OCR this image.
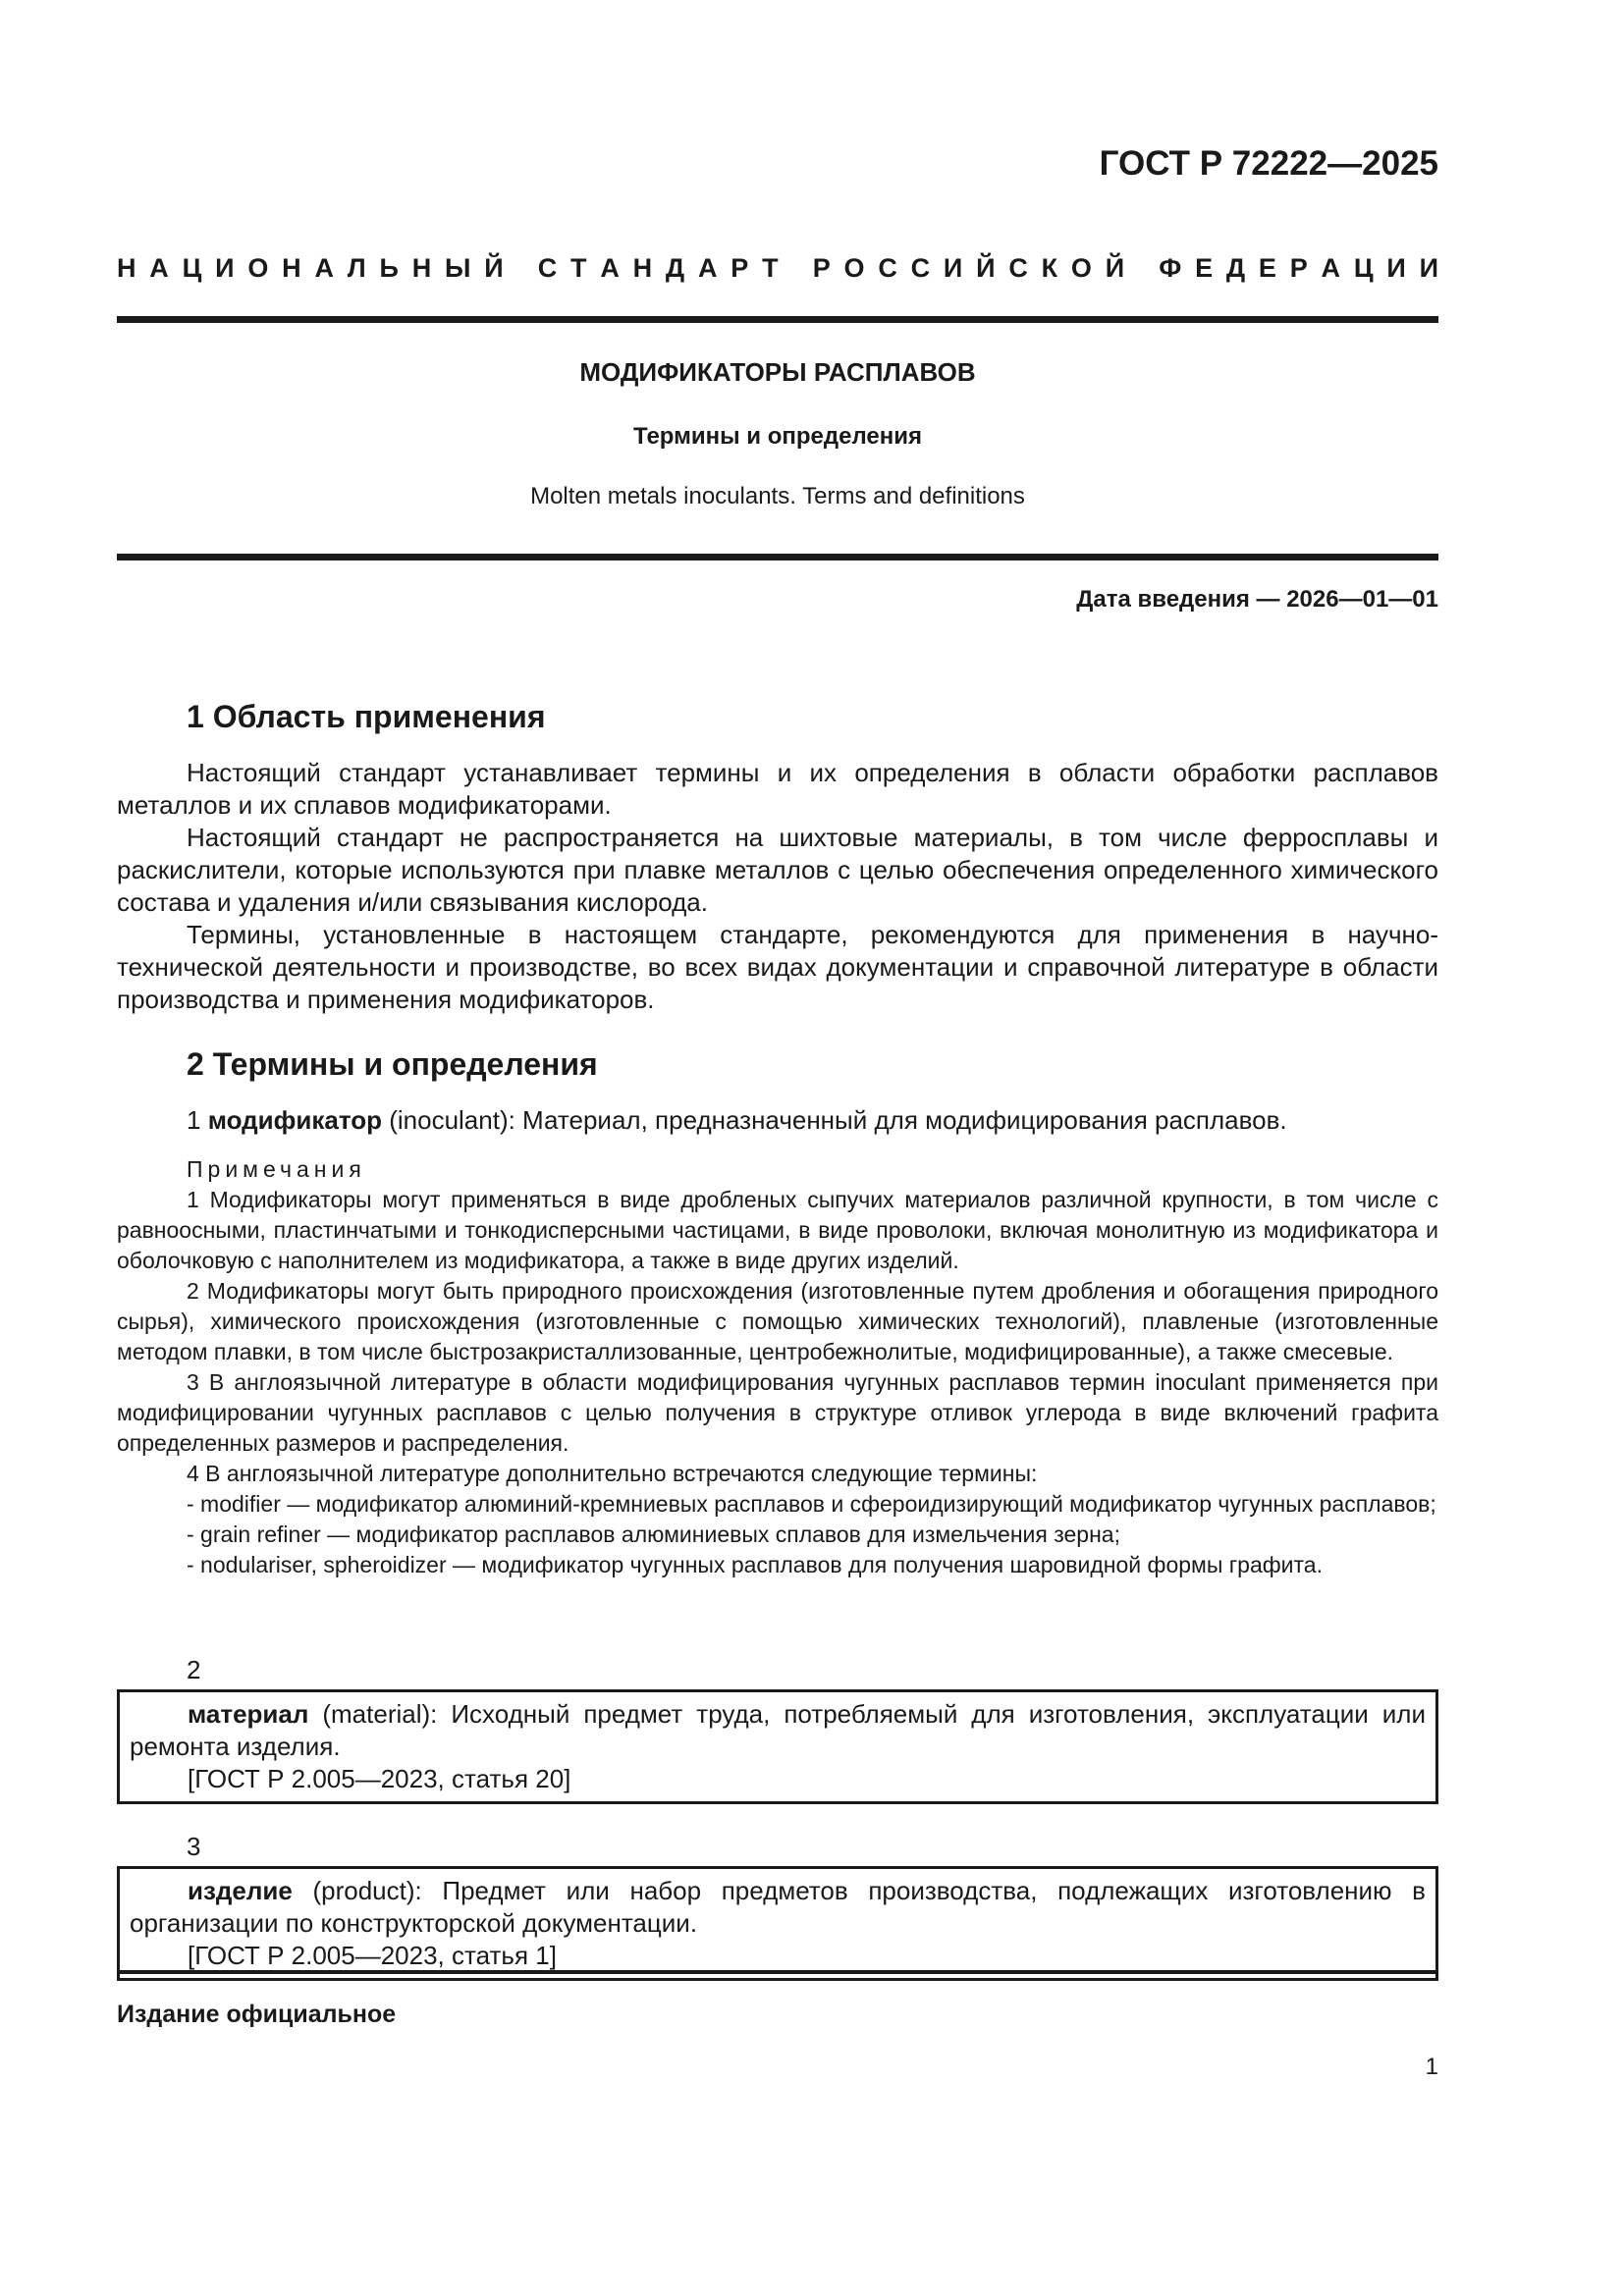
ГОСТ Р 72222—2025
Н А Ц И О Н А Л Ь Н Ы Й
С Т А Н Д А Р Т
Р О С С И Й С К О Й
Ф Е Д Е Р А Ц И И
МОДИФИКАТОРЫ РАСПЛАВОВ
Термины и определения
Molten metals inoculants. Terms and definitions
Дата введения — 2026—01—01
1 Область применения

Настоящий стандарт устанавливает термины и их определения в области обработки расплавов металлов и их сплавов модификаторами.

Настоящий стандарт не распространяется на шихтовые материалы, в том числе ферросплавы и раскислители, которые используются при плавке металлов с целью обеспечения определенного химического состава и удаления и/или связывания кислорода.

Термины, установленные в настоящем стандарте, рекомендуются для применения в научно-технической деятельности и производстве, во всех видах документации и справочной литературе в области производства и применения модификаторов.

2 Термины и определения

1 модификатор (inoculant): Материал, предназначенный для модифицирования расплавов.

Примечания

1 Модификаторы могут применяться в виде дробленых сыпучих материалов различной крупности, в том числе с равноосными, пластинчатыми и тонкодисперсными частицами, в виде проволоки, включая монолитную из модификатора и оболочковую с наполнителем из модификатора, а также в виде других изделий.

2 Модификаторы могут быть природного происхождения (изготовленные путем дробления и обогащения природного сырья), химического происхождения (изготовленные с помощью химических технологий), плавленые (изготовленные методом плавки, в том числе быстрозакристаллизованные, центробежнолитые, модифицированные), а также смесевые.

3 В англоязычной литературе в области модифицирования чугунных расплавов термин inoculant применяется при модифицировании чугунных расплавов с целью получения в структуре отливок углерода в виде включений графита определенных размеров и распределения.

4 В англоязычной литературе дополнительно встречаются следующие термины:

- modifier — модификатор алюминий-кремниевых расплавов и сфероидизирующий модификатор чугунных расплавов;

- grain refiner — модификатор расплавов алюминиевых сплавов для измельчения зерна;

- nodulariser, spheroidizer — модификатор чугунных расплавов для получения шаровидной формы графита.

2

материал (material): Исходный предмет труда, потребляемый для изготовления, эксплуатации или ремонта изделия.

[ГОСТ Р 2.005—2023, статья 20]

3

изделие (product): Предмет или набор предметов производства, подлежащих изготовлению в организации по конструкторской документации.

[ГОСТ Р 2.005—2023, статья 1]

Издание официальное
1
